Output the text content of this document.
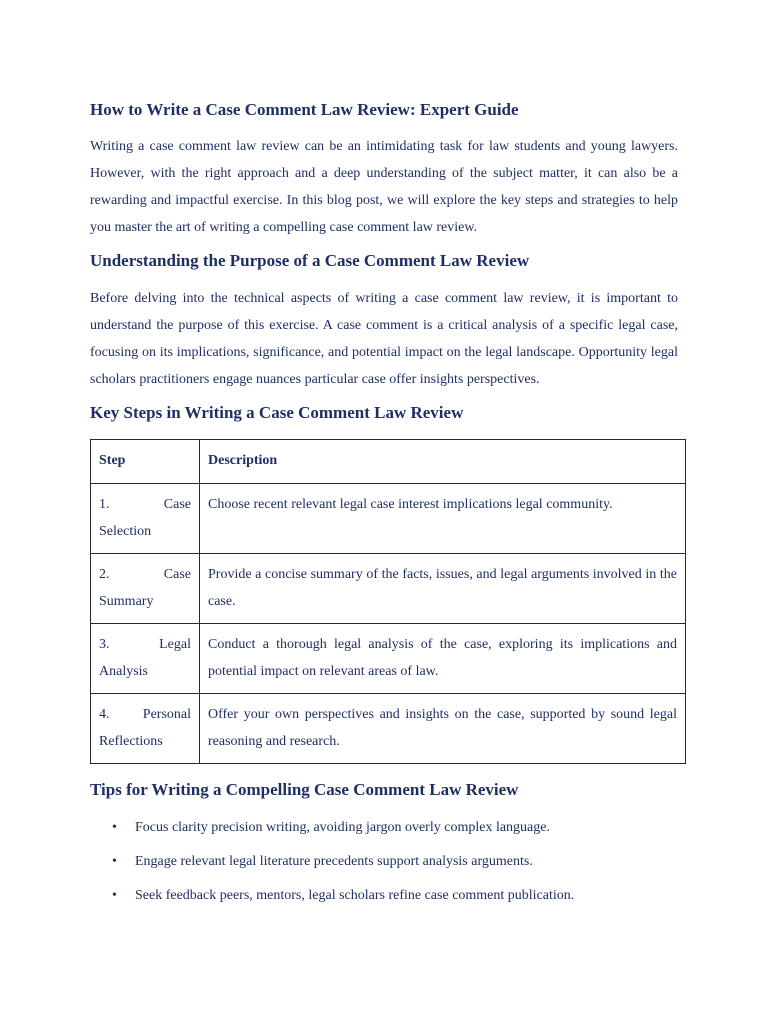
How to Write a Case Comment Law Review: Expert Guide

Writing a case comment law review can be an intimidating task for law students and young lawyers. However, with the right approach and a deep understanding of the subject matter, it can also be a rewarding and impactful exercise. In this blog post, we will explore the key steps and strategies to help you master the art of writing a compelling case comment law review.

Understanding the Purpose of a Case Comment Law Review

Before delving into the technical aspects of writing a case comment law review, it is important to understand the purpose of this exercise. A case comment is a critical analysis of a specific legal case, focusing on its implications, significance, and potential impact on the legal landscape. Opportunity legal scholars practitioners engage nuances particular case offer insights perspectives.

Key Steps in Writing a Case Comment Law Review
Step	Description
1. Case
Selection	Choose recent relevant legal case interest implications legal community.
2. Case
Summary	Provide a concise summary of the facts, issues, and legal arguments involved in the case.
3. Legal
Analysis	Conduct a thorough legal analysis of the case, exploring its implications and potential impact on relevant areas of law.
4. Personal
Reflections	Offer your own perspectives and insights on the case, supported by sound legal reasoning and research.
Tips for Writing a Compelling Case Comment Law Review
• Focus clarity precision writing, avoiding jargon overly complex language.
• Engage relevant legal literature precedents support analysis arguments.
• Seek feedback peers, mentors, legal scholars refine case comment publication.
